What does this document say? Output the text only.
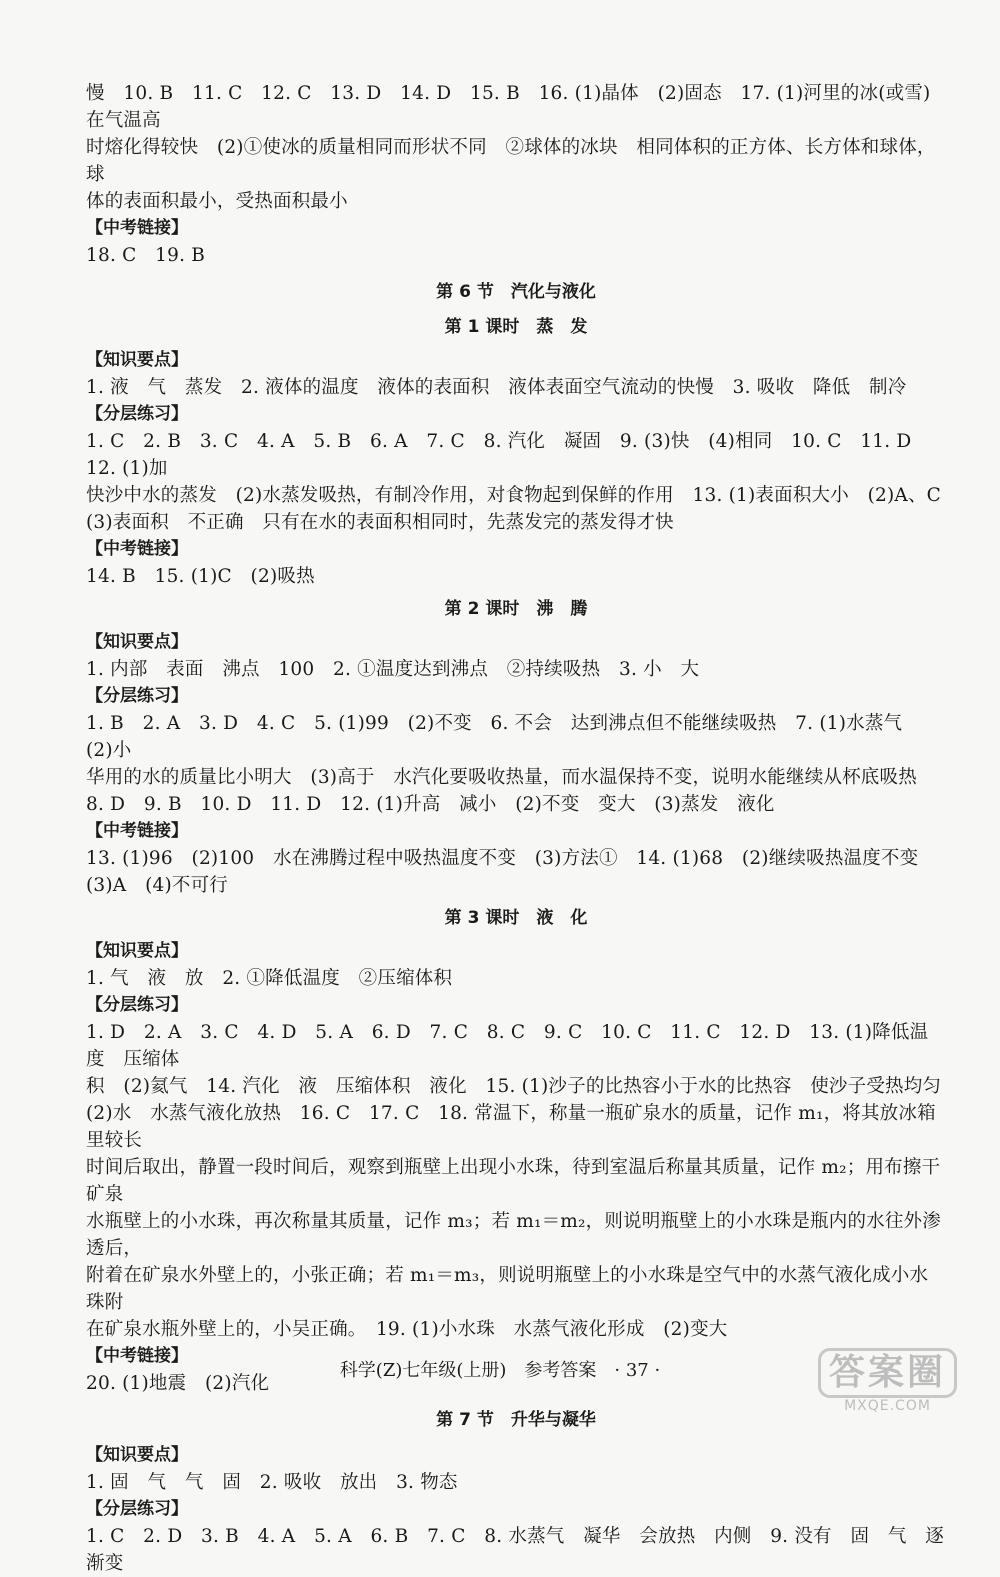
慢　10. B　11. C　12. C　13. D　14. D　15. B　16. (1)晶体　(2)固态　17. (1)河里的冰(或雪)在气温高
时熔化得较快　(2)①使冰的质量相同而形状不同　②球体的冰块　相同体积的正方体、长方体和球体，球
体的表面积最小，受热面积最小
【中考链接】
18. C　19. B
第 6 节　汽化与液化
第 1 课时　蒸　发
【知识要点】
1. 液　气　蒸发　2. 液体的温度　液体的表面积　液体表面空气流动的快慢　3. 吸收　降低　制冷
【分层练习】
1. C　2. B　3. C　4. A　5. B　6. A　7. C　8. 汽化　凝固　9. (3)快　(4)相同　10. C　11. D　12. (1)加
快沙中水的蒸发　(2)水蒸发吸热，有制冷作用，对食物起到保鲜的作用　13. (1)表面积大小　(2)A、C
(3)表面积　不正确　只有在水的表面积相同时，先蒸发完的蒸发得才快
【中考链接】
14. B　15. (1)C　(2)吸热
第 2 课时　沸　腾
【知识要点】
1. 内部　表面　沸点　100　2. ①温度达到沸点　②持续吸热　3. 小　大
【分层练习】
1. B　2. A　3. D　4. C　5. (1)99　(2)不变　6. 不会　达到沸点但不能继续吸热　7. (1)水蒸气　(2)小
华用的水的质量比小明大　(3)高于　水汽化要吸收热量，而水温保持不变，说明水能继续从杯底吸热
8. D　9. B　10. D　11. D　12. (1)升高　减小　(2)不变　变大　(3)蒸发　液化
【中考链接】
13. (1)96　(2)100　水在沸腾过程中吸热温度不变　(3)方法①　14. (1)68　(2)继续吸热温度不变
(3)A　(4)不可行
第 3 课时　液　化
【知识要点】
1. 气　液　放　2. ①降低温度　②压缩体积
【分层练习】
1. D　2. A　3. C　4. D　5. A　6. D　7. C　8. C　9. C　10. C　11. C　12. D　13. (1)降低温度　压缩体
积　(2)氦气　14. 汽化　液　压缩体积　液化　15. (1)沙子的比热容小于水的比热容　使沙子受热均匀
(2)水　水蒸气液化放热　16. C　17. C　18. 常温下，称量一瓶矿泉水的质量，记作 m₁，将其放冰箱里较长
时间后取出，静置一段时间后，观察到瓶壁上出现小水珠，待到室温后称量其质量，记作 m₂；用布擦干矿泉
水瓶壁上的小水珠，再次称量其质量，记作 m₃；若 m₁＝m₂，则说明瓶壁上的小水珠是瓶内的水往外渗透后，
附着在矿泉水外壁上的，小张正确；若 m₁＝m₃，则说明瓶壁上的小水珠是空气中的水蒸气液化成小水珠附
在矿泉水瓶外壁上的，小吴正确。　19. (1)小水珠　水蒸气液化形成　(2)变大
【中考链接】
20. (1)地震　(2)汽化
第 7 节　升华与凝华
【知识要点】
1. 固　气　气　固　2. 吸收　放出　3. 物态
【分层练习】
1. C　2. D　3. B　4. A　5. A　6. B　7. C　8. 水蒸气　凝华　会放热　内侧　9. 没有　固　气　逐渐变
科学(Z)七年级(上册)　参考答案　· 37 ·	答案圈
MXQE.COM
